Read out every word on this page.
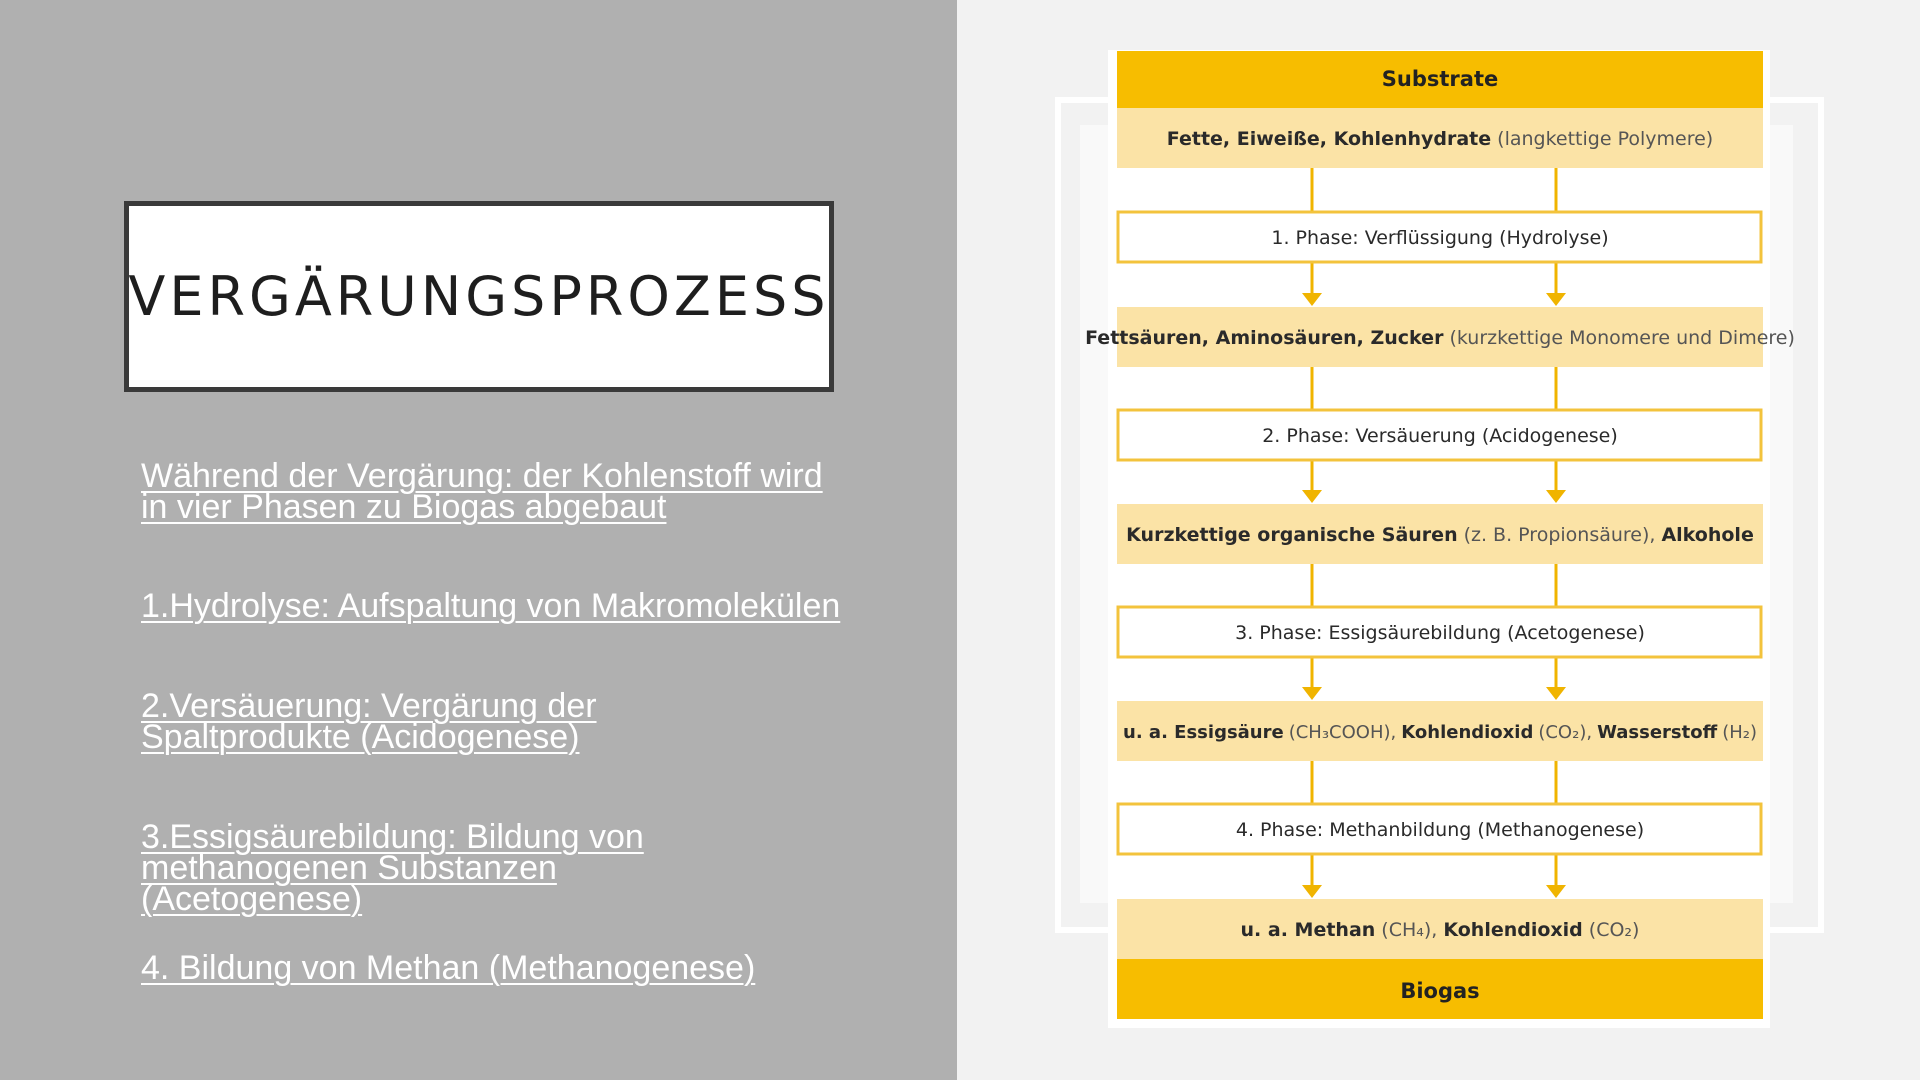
VERGÄRUNGSPROZESS

Während der Vergärung: der Kohlenstoff wird in vier Phasen zu Biogas abgebaut

1.Hydrolyse: Aufspaltung von Makromolekülen

2.Versäuerung: Vergärung der Spaltprodukte (Acidogenese)

3.Essigsäurebildung: Bildung von methanogenen Substanzen (Acetogenese)

4. Bildung von Methan (Methanogenese)

Substrate
Fette, Eiweiße, Kohlenhydrate (langkettige Polymere)
1. Phase: Verflüssigung (Hydrolyse)
Fettsäuren, Aminosäuren, Zucker (kurzkettige Monomere und Dimere)
2. Phase: Versäuerung (Acidogenese)
Kurzkettige organische Säuren (z. B. Propionsäure), Alkohole
3. Phase: Essigsäurebildung (Acetogenese)
u. a. Essigsäure (CH₃COOH), Kohlendioxid (CO₂), Wasserstoff (H₂)
4. Phase: Methanbildung (Methanogenese)
u. a. Methan (CH₄), Kohlendioxid (CO₂)
Biogas
